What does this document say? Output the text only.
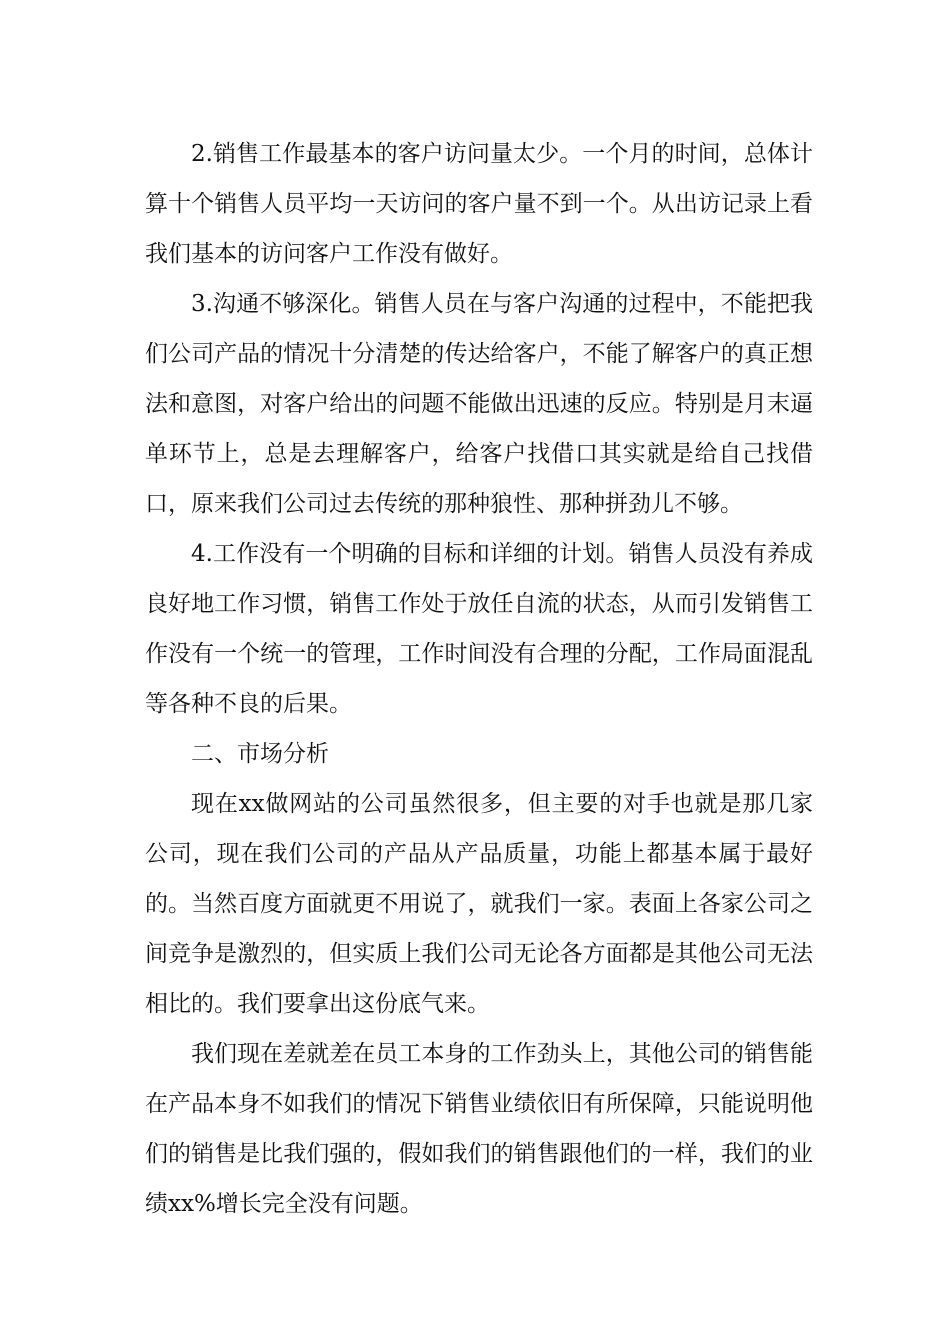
2.销售工作最基本的客户访问量太少。一个月的时间，总体计算十个销售人员平均一天访问的客户量不到一个。从出访记录上看我们基本的访问客户工作没有做好。

3.沟通不够深化。销售人员在与客户沟通的过程中，不能把我们公司产品的情况十分清楚的传达给客户，不能了解客户的真正想法和意图，对客户给出的问题不能做出迅速的反应。特别是月末逼单环节上，总是去理解客户，给客户找借口其实就是给自己找借口，原来我们公司过去传统的那种狼性、那种拼劲儿不够。

4.工作没有一个明确的目标和详细的计划。销售人员没有养成良好地工作习惯，销售工作处于放任自流的状态，从而引发销售工作没有一个统一的管理，工作时间没有合理的分配，工作局面混乱等各种不良的后果。

二、市场分析

现在xx做网站的公司虽然很多，但主要的对手也就是那几家公司，现在我们公司的产品从产品质量，功能上都基本属于最好的。当然百度方面就更不用说了，就我们一家。表面上各家公司之间竞争是激烈的，但实质上我们公司无论各方面都是其他公司无法相比的。我们要拿出这份底气来。

我们现在差就差在员工本身的工作劲头上，其他公司的销售能在产品本身不如我们的情况下销售业绩依旧有所保障，只能说明他们的销售是比我们强的，假如我们的销售跟他们的一样，我们的业绩xx%增长完全没有问题。
